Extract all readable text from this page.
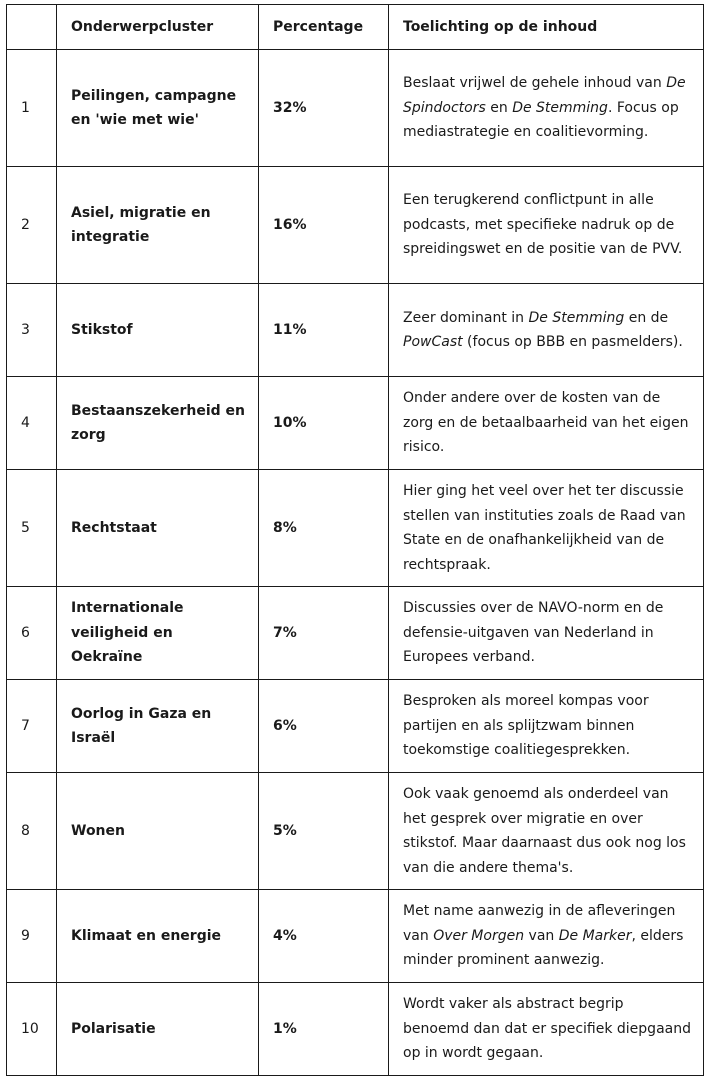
	Onderwerpcluster	Percentage	Toelichting op de inhoud
1	Peilingen, campagne en 'wie met wie'	32%	Beslaat vrijwel de gehele inhoud van De Spindoctors en De Stemming. Focus op mediastrategie en coalitievorming.
2	Asiel, migratie en integratie	16%	Een terugkerend conflictpunt in alle podcasts, met specifieke nadruk op de spreidingswet en de positie van de PVV.
3	Stikstof	11%	Zeer dominant in De Stemming en de PowCast (focus op BBB en pasmelders).
4	Bestaanszekerheid en zorg	10%	Onder andere over de kosten van de zorg en de betaalbaarheid van het eigen risico.
5	Rechtstaat	8%	Hier ging het veel over het ter discussie stellen van instituties zoals de Raad van State en de onafhankelijkheid van de rechtspraak.
6	Internationale veiligheid en Oekraïne	7%	Discussies over de NAVO-norm en de defensie-uitgaven van Nederland in Europees verband.
7	Oorlog in Gaza en Israël	6%	Besproken als moreel kompas voor partijen en als splijtzwam binnen toekomstige coalitiegesprekken.
8	Wonen	5%	Ook vaak genoemd als onderdeel van het gesprek over migratie en over stikstof. Maar daarnaast dus ook nog los van die andere thema's.
9	Klimaat en energie	4%	Met name aanwezig in de afleveringen van Over Morgen van De Marker, elders minder prominent aanwezig.
10	Polarisatie	1%	Wordt vaker als abstract begrip benoemd dan dat er specifiek diepgaand op in wordt gegaan.
